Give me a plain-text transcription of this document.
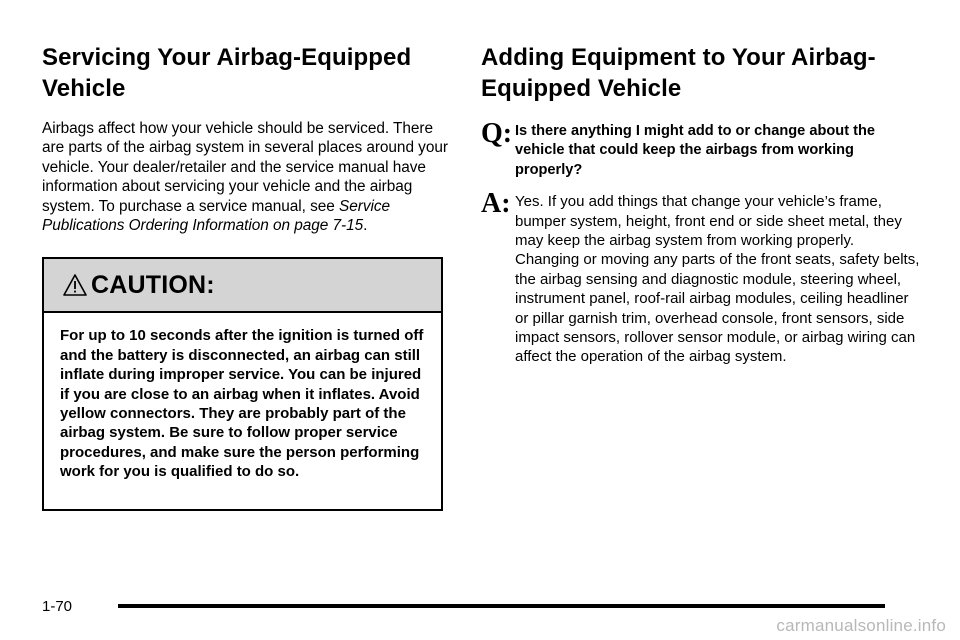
Servicing Your Airbag-Equipped Vehicle

Airbags affect how your vehicle should be serviced. There are parts of the airbag system in several places around your vehicle. Your dealer/retailer and the service manual have information about servicing your vehicle and the airbag system. To purchase a service manual, see Service Publications Ordering Information on page 7-15.

CAUTION:
For up to 10 seconds after the ignition is turned off and the battery is disconnected, an airbag can still inflate during improper service. You can be injured if you are close to an airbag when it inflates. Avoid yellow connectors. They are probably part of the airbag system. Be sure to follow proper service procedures, and make sure the person performing work for you is qualified to do so.
Adding Equipment to Your Airbag-Equipped Vehicle
Q: Is there anything I might add to or change about the vehicle that could keep the airbags from working properly?
A: Yes. If you add things that change your vehicle’s frame, bumper system, height, front end or side sheet metal, they may keep the airbag system from working properly. Changing or moving any parts of the front seats, safety belts, the airbag sensing and diagnostic module, steering wheel, instrument panel, roof-rail airbag modules, ceiling headliner or pillar garnish trim, overhead console, front sensors, side impact sensors, rollover sensor module, or airbag wiring can affect the operation of the airbag system.
1-70
carmanualsonline.info
